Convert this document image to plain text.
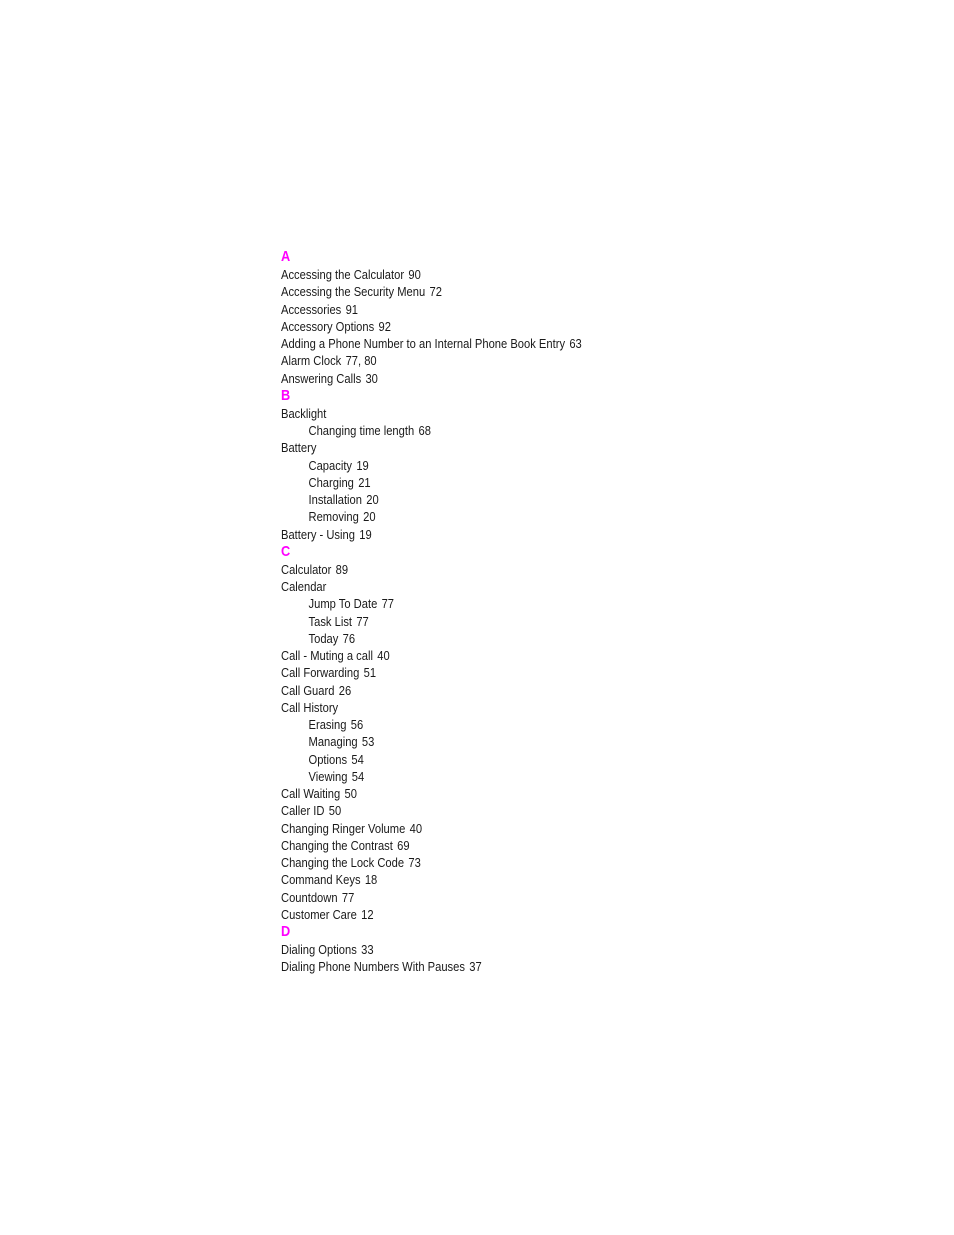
A
Accessing the Calculator 90
Accessing the Security Menu 72
Accessories 91
Accessory Options 92
Adding a Phone Number to an Internal Phone Book Entry 63
Alarm Clock 77, 80
Answering Calls 30
B
Backlight
Changing time length 68
Battery
Capacity 19
Charging 21
Installation 20
Removing 20
Battery - Using 19
C
Calculator 89
Calendar
Jump To Date 77
Task List 77
Today 76
Call - Muting a call 40
Call Forwarding 51
Call Guard 26
Call History
Erasing 56
Managing 53
Options 54
Viewing 54
Call Waiting 50
Caller ID 50
Changing Ringer Volume 40
Changing the Contrast 69
Changing the Lock Code 73
Command Keys 18
Countdown 77
Customer Care 12
D
Dialing Options 33
Dialing Phone Numbers With Pauses 37
